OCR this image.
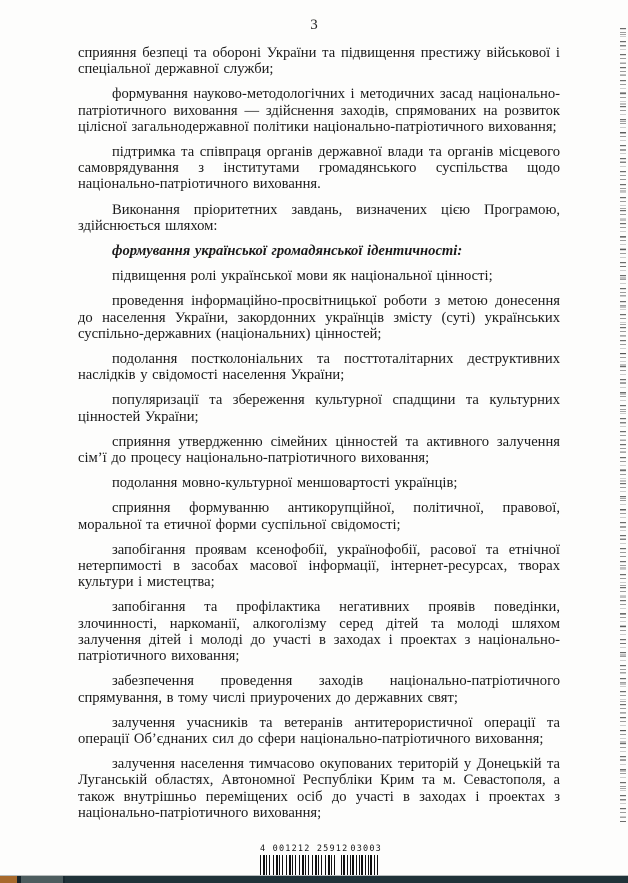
3

сприяння безпеці та обороні України та підвищення престижу військової і спеціальної державної служби;

формування науково-методологічних і методичних засад національно-патріотичного виховання — здійснення заходів, спрямованих на розвиток цілісної загальнодержавної політики національно-патріотичного виховання;

підтримка та співпраця органів державної влади та органів місцевого самоврядування з інститутами громадянського суспільства щодо національно-патріотичного виховання.

Виконання пріоритетних завдань, визначених цією Програмою, здійснюється шляхом:

формування української громадянської ідентичності:

підвищення ролі української мови як національної цінності;

проведення інформаційно-просвітницької роботи з метою донесення до населення України, закордонних українців змісту (суті) українських суспільно-державних (національних) цінностей;

подолання постколоніальних та посттоталітарних деструктивних наслідків у свідомості населення України;

популяризації та збереження культурної спадщини та культурних цінностей України;

сприяння утвердженню сімейних цінностей та активного залучення сім’ї до процесу національно-патріотичного виховання;

подолання мовно-культурної меншовартості українців;

сприяння формуванню антикорупційної, політичної, правової, моральної та етичної форми суспільної свідомості;

запобігання проявам ксенофобії, українофобії, расової та етнічної нетерпимості в засобах масової інформації, інтернет-ресурсах, творах культури і мистецтва;

запобігання та профілактика негативних проявів поведінки, злочинності, наркоманії, алкоголізму серед дітей та молоді шляхом залучення дітей і молоді до участі в заходах і проектах з національно-патріотичного виховання;

забезпечення проведення заходів національно-патріотичного спрямування, в тому числі приурочених до державних свят;

залучення учасників та ветеранів антитерористичної операції та операції Об’єднаних сил до сфери національно-патріотичного виховання;

залучення населення тимчасово окупованих територій у Донецькій та Луганській областях, Автономної Республіки Крим та м. Севастополя, а також внутрішньо переміщених осіб до участі в заходах і проектах з національно-патріотичного виховання;

4 001212 25912 03003
